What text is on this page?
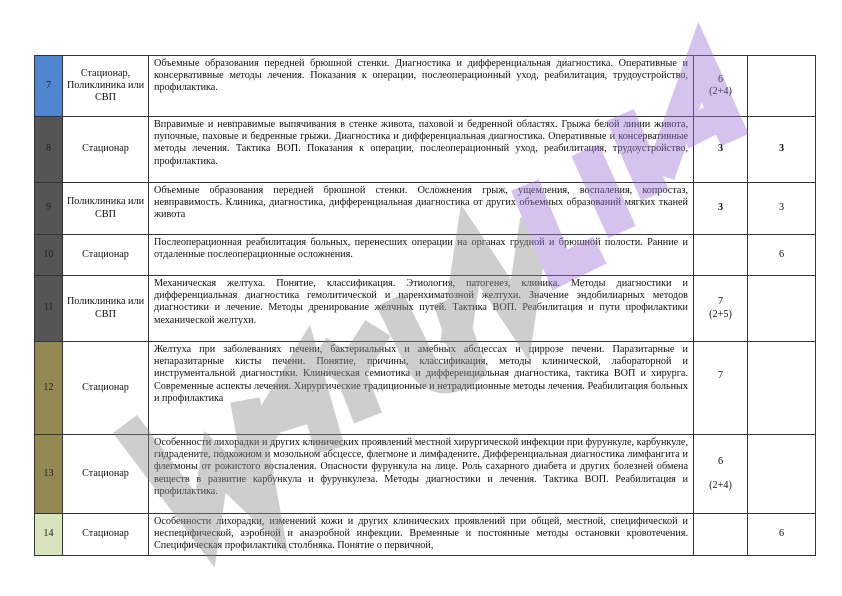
7	Стационар, Поликлиника или СВП	Объемные образования передней брюшной стенки. Диагностика и дифференциальная диагностика. Оперативные и консервативные методы лечения. Показания к операции, послеоперационный уход, реабилитация, трудоустройство, профилактика.	6
(2+4)	

8	Стационар	Вправимые и невправимые выпячивания в стенке живота, паховой и бедренной областях. Грыжа белой линии живота, пупочные, паховые и бедренные грыжи. Диагностика и дифференциальная диагностика. Оперативные и консервативные методы лечения. Тактика ВОП. Показания к операции, послеоперационный уход, реабилитация, трудоустройство, профилактика.	3	3
9	Поликлиника или СВП	Объемные образования передней брюшной стенки. Осложнения грыж, ущемления, воспаления, копростаз, невправимость. Клиника, диагностика, дифференциальная диагностика от других объемных образований мягких тканей живота	3	3
10	Стационар	Послеоперационная реабилитация больных, перенесших операции на органах грудной и брюшной полости. Ранние и отдаленные послеоперационные осложнения.		6
11	Поликлиника или СВП	Механическая желтуха. Понятие, классификация. Этиология, патогенез, клиника. Методы диагностики и дифференциальная диагностика гемолитической и паренхиматозной желтухи. Значение эндобилиарных методов диагностики и лечение. Методы дренирование желчных путей. Тактика ВОП. Реабилитация и пути профилактики механической желтухи.	7
(2+5)	

12	Стационар	Желтуха при заболеваниях печени, бактериальных и амебных абсцессах и циррозе печени. Паразитарные и непаразитарные кисты печени. Понятие, причины, классификация, методы клинической, лабораторной и инструментальной диагностики. Клиническая семиотика и дифференциальная диагностика, тактика ВОП и хирурга. Современные аспекты лечения. Хирургические традиционные и нетрадиционные методы лечения. Реабилитация больных и профилактика	7	
13	Стационар	Особенности лихорадки и других клинических проявлений местной хирургической инфекции при фурункуле, карбункуле, гидрадените, подкожном и мозольном абсцессе, флегмоне и лимфадените. Дифференциальная диагностика лимфангита и флегмоны от рожистого воспаления. Опасности фурункула на лице. Роль сахарного диабета и других болезней обмена веществ в развитие карбункула и фурункулеза. Методы диагностики и лечения. Тактика ВОП. Реабилитация и профилактика.	6
(2+4)	

14	Стационар	Особенности лихорадки, изменений кожи и других клинических проявлений при общей, местной, специфической и неспецифической, аэробной и анаэробной инфекции. Временные и постоянные методы остановки кровотечения. Специфическая профилактика столбняка. Понятие о первичной,		6
